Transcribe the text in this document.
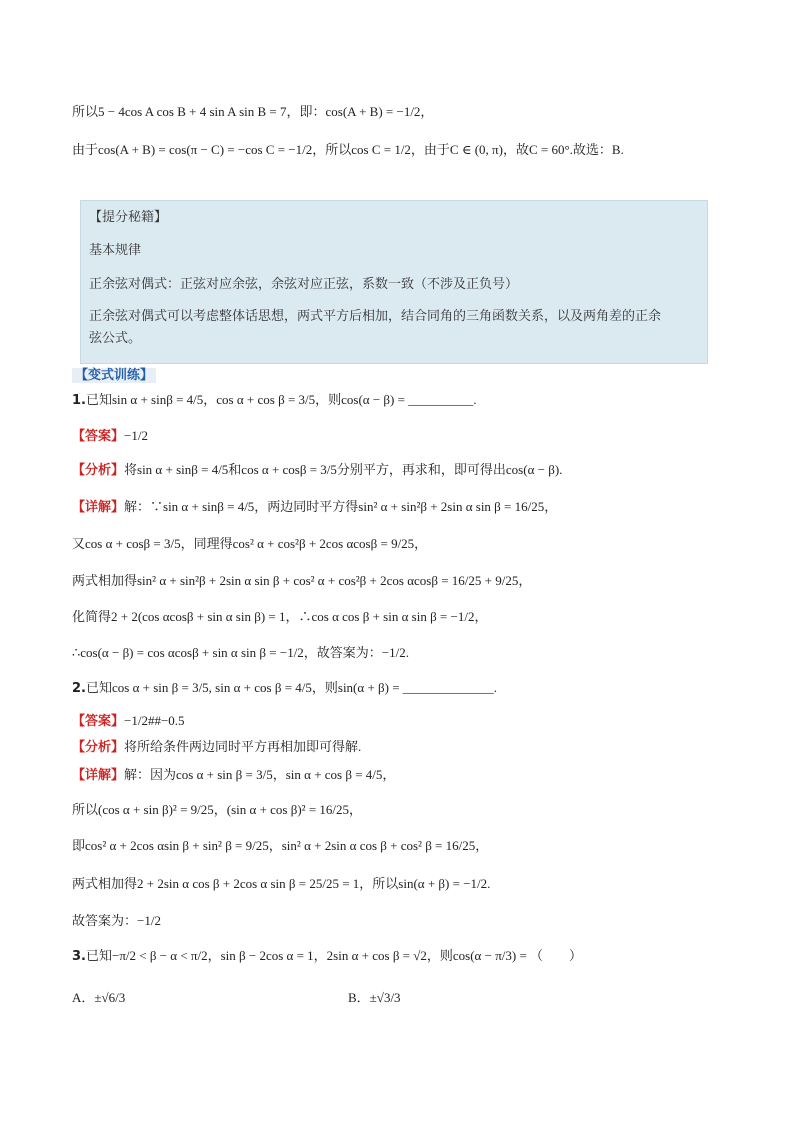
所以5 − 4cos A cos B + 4 sin A sin B = 7，即：cos(A + B) = −1/2，
由于cos(A + B) = cos(π − C) = −cos C = −1/2，所以cos C = 1/2，由于C ∈ (0, π)，故C = 60°.故选：B.
【提分秘籍】
基本规律
正余弦对偶式：正弦对应余弦，余弦对应正弦，系数一致（不涉及正负号）
正余弦对偶式可以考虑整体话思想，两式平方后相加，结合同角的三角函数关系，以及两角差的正余
弦公式。
【变式训练】
1.已知sin α + sinβ = 4/5，cos α + cos β = 3/5，则cos(α − β) = __________.
【答案】−1/2
【分析】将sin α + sinβ = 4/5和cos α + cosβ = 3/5分别平方，再求和，即可得出cos(α − β).
【详解】解：∵sin α + sinβ = 4/5，两边同时平方得sin² α + sin²β + 2sin α sin β = 16/25，
又cos α + cosβ = 3/5，同理得cos² α + cos²β + 2cos αcosβ = 9/25，
两式相加得sin² α + sin²β + 2sin α sin β + cos² α + cos²β + 2cos αcosβ = 16/25 + 9/25，
化简得2 + 2(cos αcosβ + sin α sin β) = 1，∴cos α cos β + sin α sin β = −1/2，
∴cos(α − β) = cos αcosβ + sin α sin β = −1/2，故答案为：−1/2.
2.已知cos α + sin β = 3/5, sin α + cos β = 4/5，则sin(α + β) = ______________.
【答案】−1/2##−0.5
【分析】将所给条件两边同时平方再相加即可得解.
【详解】解：因为cos α + sin β = 3/5，sin α + cos β = 4/5，
所以(cos α + sin β)² = 9/25，(sin α + cos β)² = 16/25，
即cos² α + 2cos αsin β + sin² β = 9/25，sin² α + 2sin α cos β + cos² β = 16/25，
两式相加得2 + 2sin α cos β + 2cos α sin β = 25/25 = 1，所以sin(α + β) = −1/2.
故答案为：−1/2
3.已知−π/2 < β − α < π/2，sin β − 2cos α = 1，2sin α + cos β = √2，则cos(α − π/3) = （　　）
A．±√6/3	B．±√3/3
